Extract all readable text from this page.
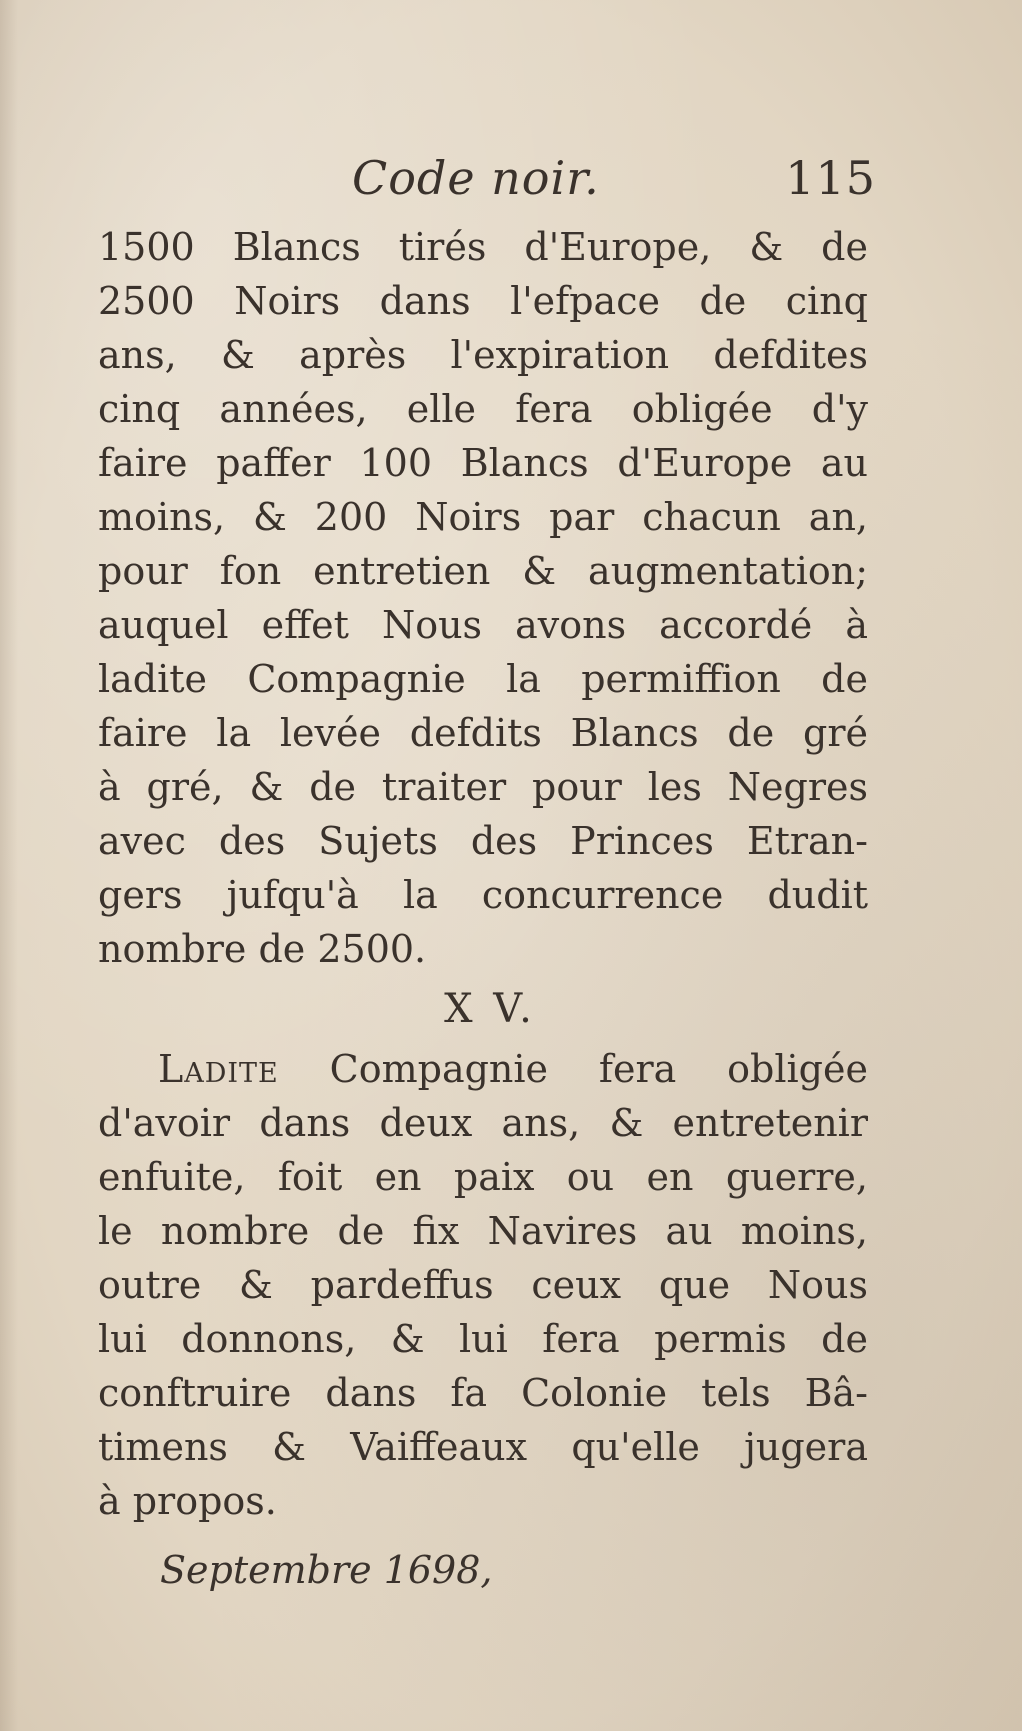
Code noir.	115
1500 Blancs tirés d'Europe, & de
2500 Noirs dans l'efpace de cinq
ans, & après l'expiration defdites
cinq années, elle fera obligée d'y
faire paffer 100 Blancs d'Europe au
moins, & 200 Noirs par chacun an,
pour fon entretien & augmentation;
auquel effet Nous avons accordé à
ladite Compagnie la permiffion de
faire la levée defdits Blancs de gré
à gré, & de traiter pour les Negres
avec des Sujets des Princes Etran-
gers jufqu'à la concurrence dudit
nombre de 2500.
X V.
Ladite Compagnie fera obligée
d'avoir dans deux ans, & entretenir
enfuite, foit en paix ou en guerre,
le nombre de fix Navires au moins,
outre & pardeffus ceux que Nous
lui donnons, & lui fera permis de
conftruire dans fa Colonie tels Bâ-
timens & Vaiffeaux qu'elle jugera
à propos.
Septembre 1698,
